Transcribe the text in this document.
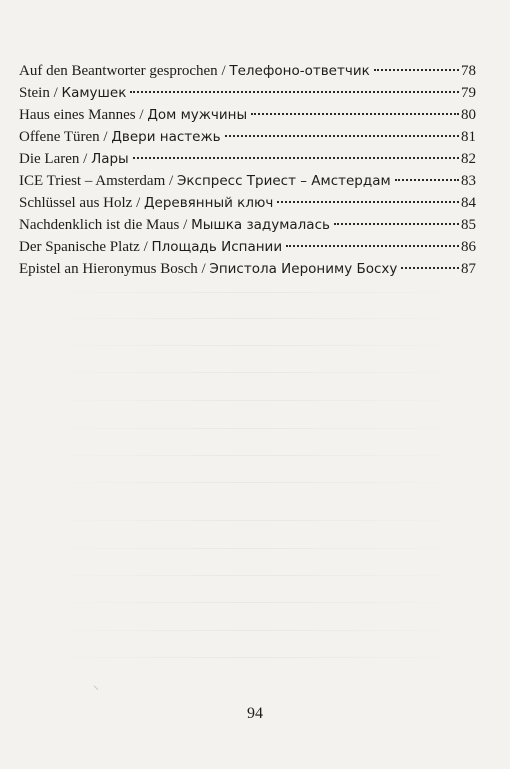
Auf den Beantworter gesprochen / Телефоно-ответчик	78
Stein / Камушек	79
Haus eines Mannes / Дом мужчины	80
Offene Türen / Двери настежь	81
Die Laren / Лары	82
ICE Triest – Amsterdam / Экспресс Триест – Амстердам	83
Schlüssel aus Holz / Деревянный ключ	84
Nachdenklich ist die Maus / Мышка задумалась	85
Der Spanische Platz / Площадь Испании	86
Epistel an Hieronymus Bosch / Эпистола Иерониму Босху	87
⸜
94
